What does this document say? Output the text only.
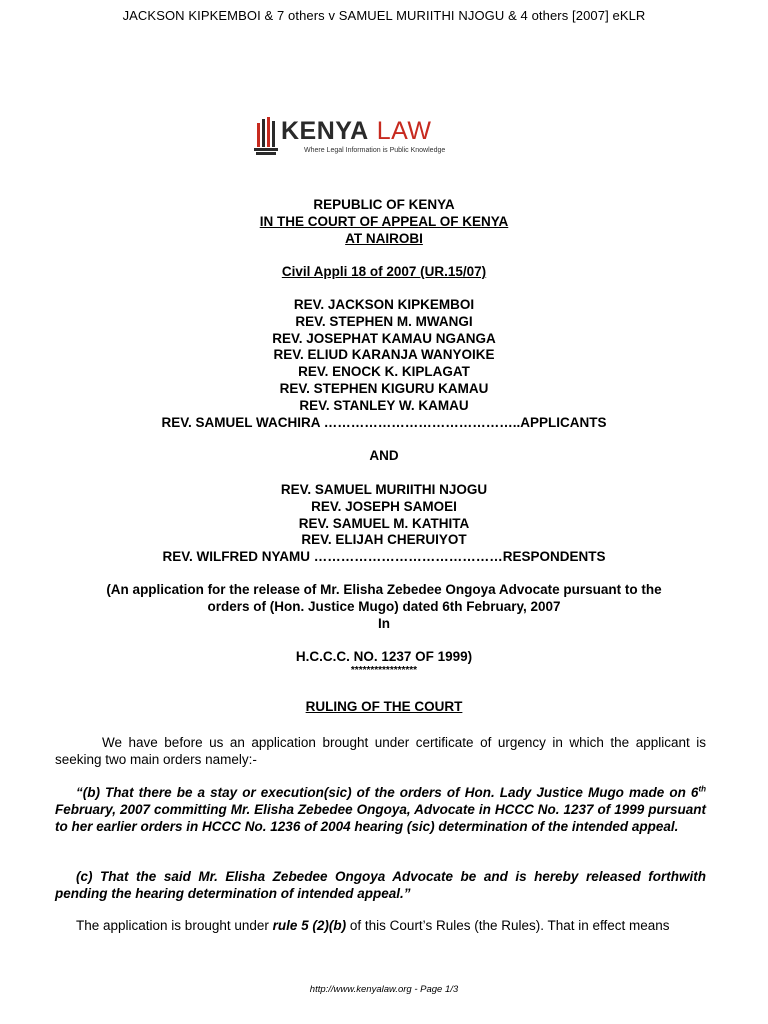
JACKSON KIPKEMBOI & 7 others v SAMUEL MURIITHI NJOGU & 4 others [2007] eKLR
KENYA LAW
Where Legal Information is Public Knowledge
REPUBLIC OF KENYA
IN THE COURT OF APPEAL OF KENYA
AT NAIROBI
Civil Appli 18 of 2007 (UR.15/07)
REV. JACKSON KIPKEMBOI
REV. STEPHEN M. MWANGI
REV. JOSEPHAT KAMAU NGANGA
REV. ELIUD KARANJA WANYOIKE
REV. ENOCK K. KIPLAGAT
REV. STEPHEN KIGURU KAMAU
REV. STANLEY W. KAMAU
REV. SAMUEL WACHIRA ……………………………………..APPLICANTS
AND
REV. SAMUEL MURIITHI NJOGU
REV. JOSEPH SAMOEI
REV. SAMUEL M. KATHITA
REV. ELIJAH CHERUIYOT
REV. WILFRED NYAMU ……………………………………RESPONDENTS
(An application for the release of Mr. Elisha Zebedee Ongoya Advocate pursuant to the
orders of (Hon. Justice Mugo) dated 6th February, 2007
In
H.C.C.C. NO. 1237 OF 1999)
*****************
RULING OF THE COURT
We have before us an application brought under certificate of urgency in which the applicant is seeking two main orders namely:-
“(b) That there be a stay or execution(sic) of the orders of Hon. Lady Justice Mugo made on 6th February, 2007 committing Mr. Elisha Zebedee Ongoya, Advocate in HCCC No. 1237 of 1999 pursuant to her earlier orders in HCCC No. 1236 of 2004 hearing (sic) determination of the intended appeal.
(c) That the said Mr. Elisha Zebedee Ongoya Advocate be and is hereby released forthwith pending the hearing determination of intended appeal.”
The application is brought under rule 5 (2)(b) of this Court’s Rules (the Rules). That in effect means
http://www.kenyalaw.org - Page 1/3
